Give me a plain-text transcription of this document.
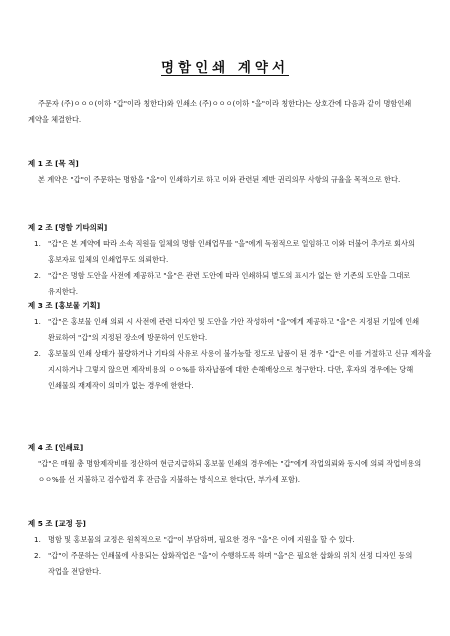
명함인쇄 계약서
주문자 (주)ㅇㅇㅇ(이하 "갑"이라 칭한다)와 인쇄소 (주)ㅇㅇㅇ(이하 "을"이라 칭한다)는 상호간에 다음과 같이 명함인쇄 계약을 체결한다.
제 1 조 [목 적]
본 계약은 "갑"이 주문하는 명함을 "을"이 인쇄하기로 하고 이와 관련된 제반 권리의무 사항의 규율을 목적으로 한다.
제 2 조 [명함 기타의뢰]
1. "갑"은 본 계약에 따라 소속 직원들 일체의 명함 인쇄업무를 "을"에게 독점적으로 일임하고 이와 더불어 추가로 회사의 홍보자료 일체의 인쇄업무도 의뢰한다.
2. "갑"은 명함 도안을 사전에 제공하고 "을"은 관련 도안에 따라 인쇄하되 별도의 표시가 없는 한 기존의 도안을 그대로 유지한다.
제 3 조 [홍보물 기획]
1. "갑"은 홍보물 인쇄 의뢰 시 사전에 관련 디자인 및 도안을 가안 작성하여 "을"에게 제공하고 "을"은 지정된 기일에 인쇄 완료하여 "갑"의 지정된 장소에 방문하여 인도한다.
2. 홍보물의 인쇄 상태가 불량하거나 기타의 사유로 사용이 불가능할 정도로 납품이 된 경우 "갑"은 이를 거절하고 신규 제작을 지시하거나 그렇지 않으면 제작비용의 ㅇㅇ%를 하자납품에 대한 손해배상으로 청구한다. 다만, 후자의 경우에는 당해 인쇄물의 재제작이 의미가 없는 경우에 한한다.
제 4 조 [인쇄료]
"갑"은 매월 총 명함제작비를 정산하여 현금지급하되 홍보물 인쇄의 경우에는 "갑"에게 작업의뢰와 동시에 의뢰 작업비용의 ㅇㅇ%를 선 지불하고 검수합격 후 잔금을 지불하는 방식으로 한다(단, 부가세 포함).
제 5 조 [교정 등]
1. 명함 및 홍보물의 교정은 원칙적으로 "갑"이 부담하며, 필요한 경우 "을"은 이에 지원을 할 수 있다.
2. "갑"이 주문하는 인쇄물에 사용되는 삽화작업은 "을"이 수행하도록 하며 "을"은 필요한 삽화의 위치 선정 디자인 등의 작업을 전담한다.
